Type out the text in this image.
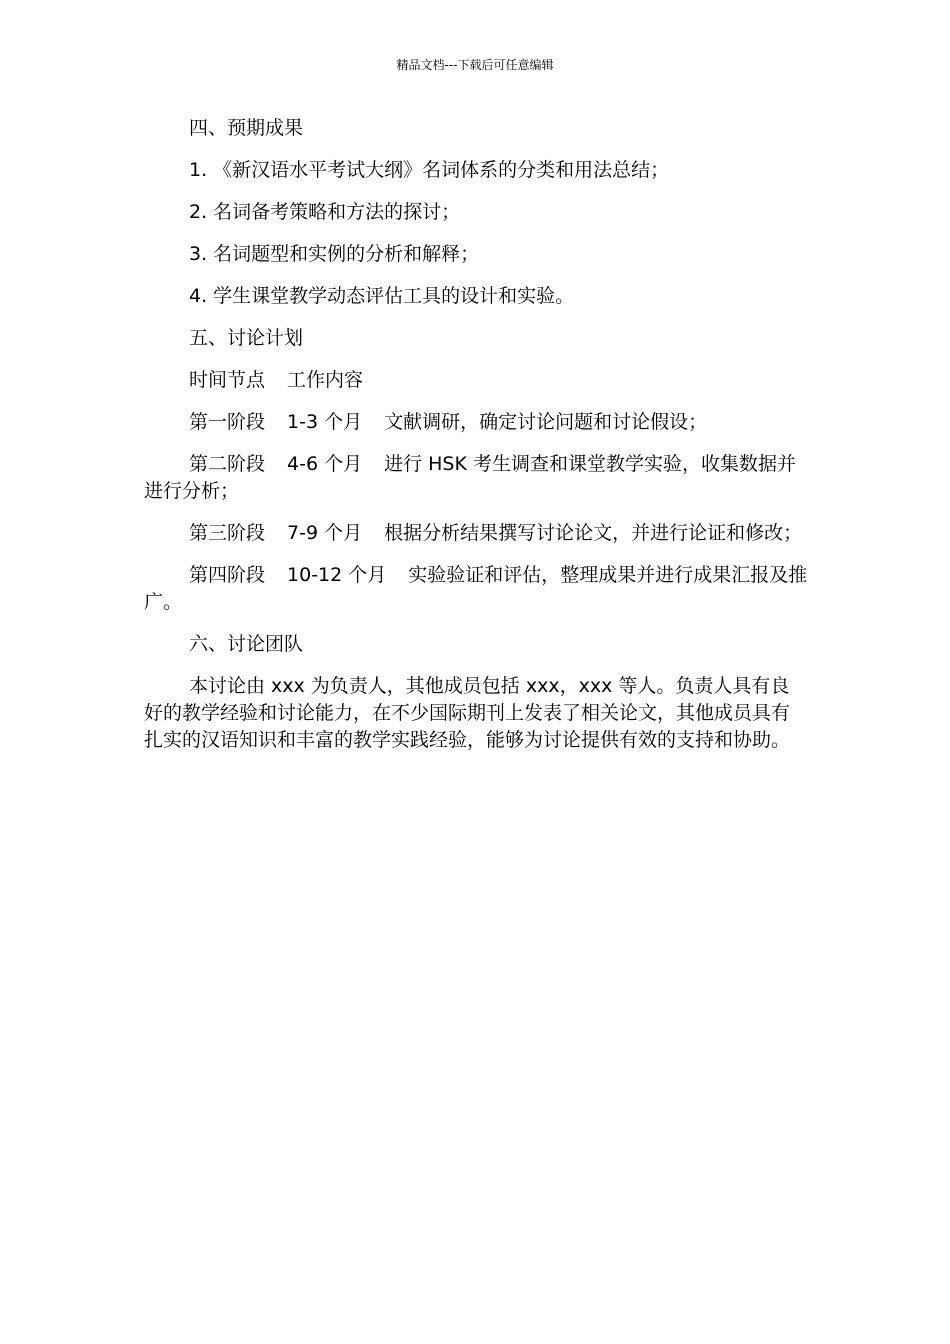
精品文档---下载后可任意编辑

四、预期成果

1. 《新汉语水平考试大纲》名词体系的分类和用法总结；

2. 名词备考策略和方法的探讨；

3. 名词题型和实例的分析和解释；

4. 学生课堂教学动态评估工具的设计和实验。

五、讨论计划

时间节点 工作内容

第一阶段 1-3 个月 文献调研，确定讨论问题和讨论假设；

第二阶段 4-6 个月 进行 HSK 考生调查和课堂教学实验，收集数据并进行分析；

第三阶段 7-9 个月 根据分析结果撰写讨论论文，并进行论证和修改；

第四阶段 10-12 个月 实验验证和评估，整理成果并进行成果汇报及推广。

六、讨论团队

本讨论由 xxx 为负责人，其他成员包括 xxx，xxx 等人。负责人具有良好的教学经验和讨论能力，在不少国际期刊上发表了相关论文，其他成员具有扎实的汉语知识和丰富的教学实践经验，能够为讨论提供有效的支持和协助。
